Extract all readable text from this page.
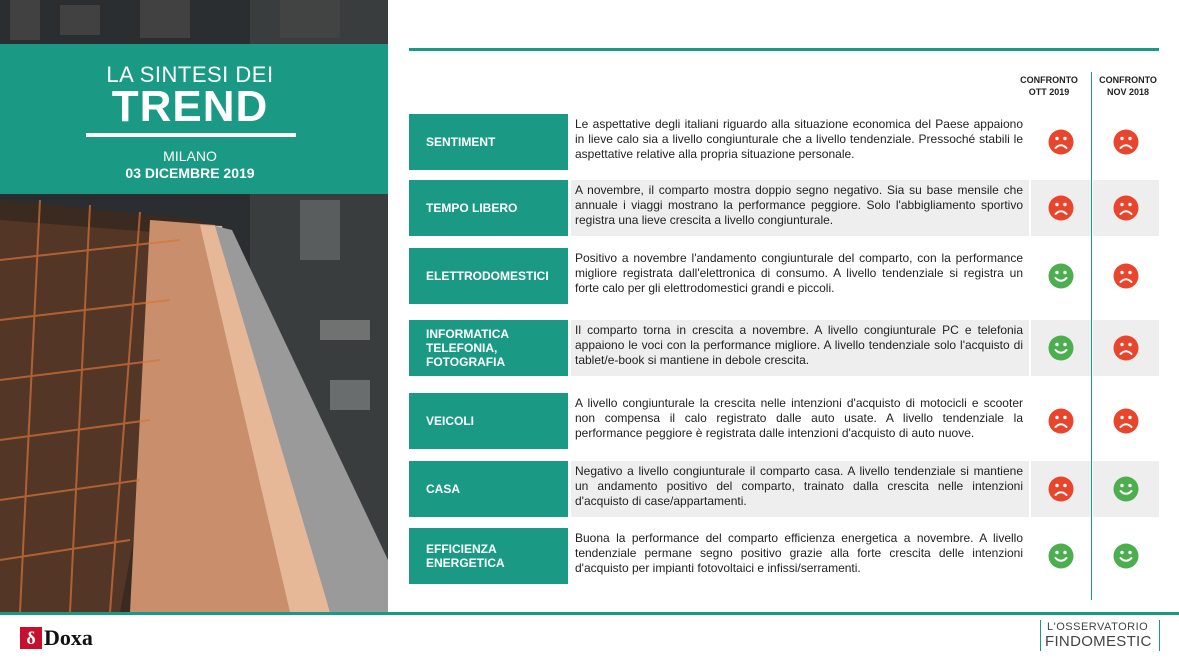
LA SINTESI DEI
TREND
MILANO
03 DICEMBRE 2019
CONFRONTO OTT 2019
CONFRONTO NOV 2018
SENTIMENT
Le aspettative degli italiani riguardo alla situazione economica del Paese appaiono in lieve calo sia a livello congiunturale che a livello tendenziale. Pressoché stabili le aspettative relative alla propria situazione personale.
TEMPO LIBERO
A novembre, il comparto mostra doppio segno negativo. Sia su base mensile che annuale i viaggi mostrano la performance peggiore. Solo l'abbigliamento sportivo registra una lieve crescita a livello congiunturale.
ELETTRODOMESTICI
Positivo a novembre l'andamento congiunturale del comparto, con la performance migliore registrata dall'elettronica di consumo. A livello tendenziale si registra un forte calo per gli elettrodomestici grandi e piccoli.
INFORMATICA TELEFONIA, FOTOGRAFIA
Il comparto torna in crescita a novembre. A livello congiunturale PC e telefonia appaiono le voci con la performance migliore. A livello tendenziale solo l'acquisto di tablet/e-book si mantiene in debole crescita.
VEICOLI
A livello congiunturale la crescita nelle intenzioni d'acquisto di motocicli e scooter non compensa il calo registrato dalle auto usate. A livello tendenziale la performance peggiore è registrata dalle intenzioni d'acquisto di auto nuove.
CASA
Negativo a livello congiunturale il comparto casa. A livello tendenziale si mantiene un andamento positivo del comparto, trainato dalla crescita nelle intenzioni d'acquisto di case/appartamenti.
EFFICIENZA ENERGETICA
Buona la performance del comparto efficienza energetica a novembre. A livello tendenziale permane segno positivo grazie alla forte crescita delle intenzioni d'acquisto per impianti fotovoltaici e infissi/serramenti.
δ Doxa	L'OSSERVATORIO
FINDOMESTIC
